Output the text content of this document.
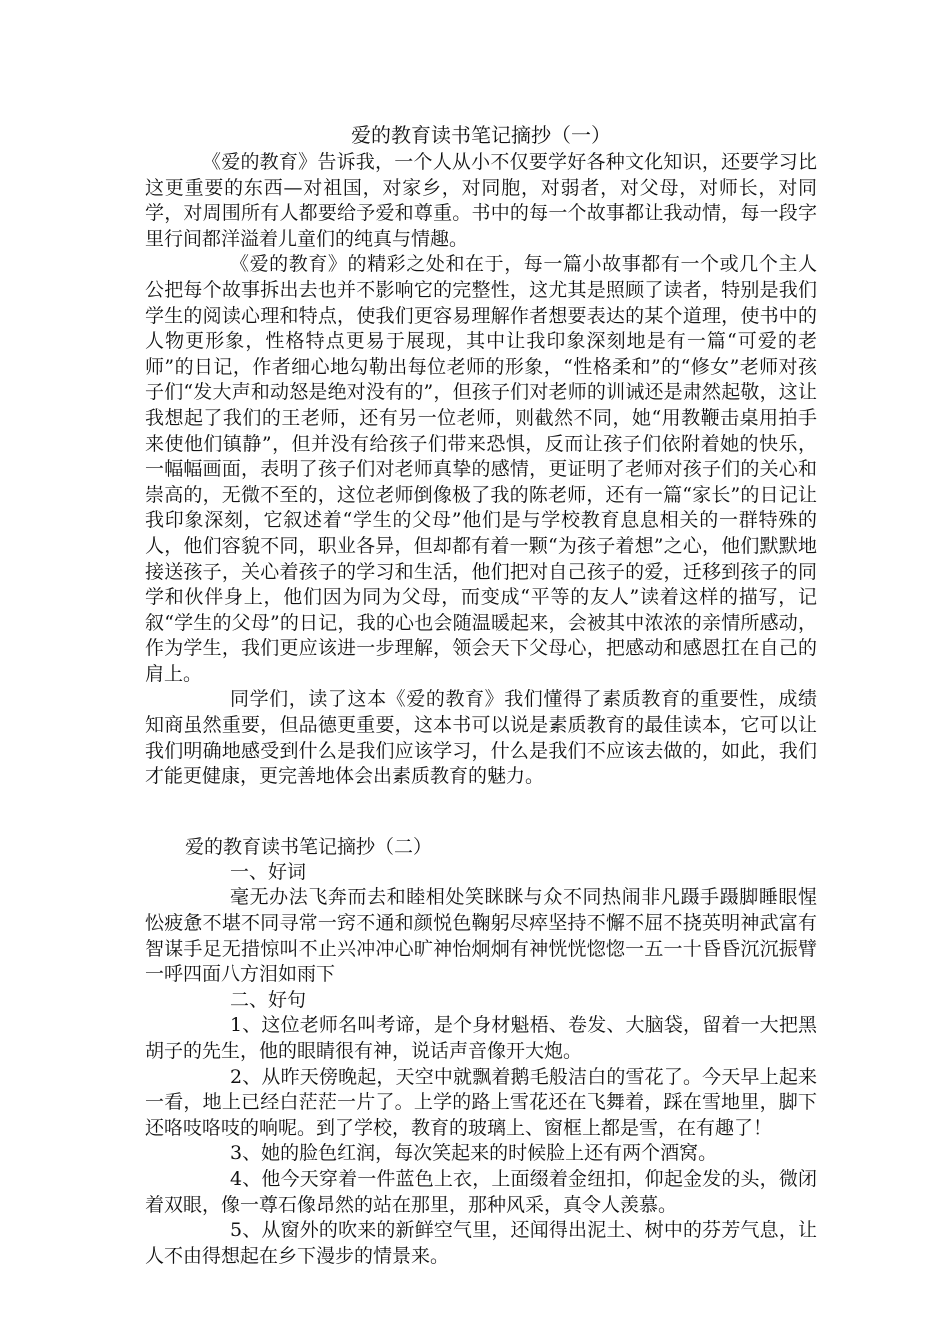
爱的教育读书笔记摘抄（一）

《爱的教育》告诉我，一个人从小不仅要学好各种文化知识，还要学习比这更重要的东西—对祖国，对家乡，对同胞，对弱者，对父母，对师长，对同学，对周围所有人都要给予爱和尊重。书中的每一个故事都让我动情，每一段字里行间都洋溢着儿童们的纯真与情趣。

《爱的教育》的精彩之处和在于，每一篇小故事都有一个或几个主人公把每个故事拆出去也并不影响它的完整性，这尤其是照顾了读者，特别是我们学生的阅读心理和特点，使我们更容易理解作者想要表达的某个道理，使书中的人物更形象，性格特点更易于展现，其中让我印象深刻地是有一篇“可爱的老师”的日记，作者细心地勾勒出每位老师的形象，“性格柔和”的“修女”老师对孩子们“发大声和动怒是绝对没有的”，但孩子们对老师的训诫还是肃然起敬，这让我想起了我们的王老师，还有另一位老师，则截然不同，她“用教鞭击桌用拍手来使他们镇静”，但并没有给孩子们带来恐惧，反而让孩子们依附着她的快乐，一幅幅画面，表明了孩子们对老师真挚的感情，更证明了老师对孩子们的关心和崇高的，无微不至的，这位老师倒像极了我的陈老师，还有一篇“家长”的日记让我印象深刻，它叙述着“学生的父母”他们是与学校教育息息相关的一群特殊的人，他们容貌不同，职业各异，但却都有着一颗“为孩子着想”之心，他们默默地接送孩子，关心着孩子的学习和生活，他们把对自己孩子的爱，迁移到孩子的同学和伙伴身上，他们因为同为父母，而变成“平等的友人”读着这样的描写，记叙“学生的父母”的日记，我的心也会随温暖起来，会被其中浓浓的亲情所感动，作为学生，我们更应该进一步理解，领会天下父母心，把感动和感恩扛在自己的肩上。

同学们，读了这本《爱的教育》我们懂得了素质教育的重要性，成绩知商虽然重要，但品德更重要，这本书可以说是素质教育的最佳读本，它可以让我们明确地感受到什么是我们应该学习，什么是我们不应该去做的，如此，我们才能更健康，更完善地体会出素质教育的魅力。

爱的教育读书笔记摘抄（二）

一、好词

毫无办法飞奔而去和睦相处笑眯眯与众不同热闹非凡蹑手蹑脚睡眼惺忪疲惫不堪不同寻常一窍不通和颜悦色鞠躬尽瘁坚持不懈不屈不挠英明神武富有智谋手足无措惊叫不止兴冲冲心旷神怡炯炯有神恍恍惚惚一五一十昏昏沉沉振臂一呼四面八方泪如雨下

二、好句

1、这位老师名叫考谛，是个身材魁梧、卷发、大脑袋，留着一大把黑胡子的先生，他的眼睛很有神，说话声音像开大炮。

2、从昨天傍晚起，天空中就飘着鹅毛般洁白的雪花了。今天早上起来一看，地上已经白茫茫一片了。上学的路上雪花还在飞舞着，踩在雪地里，脚下还咯吱咯吱的响呢。到了学校，教育的玻璃上、窗框上都是雪，在有趣了！

3、她的脸色红润，每次笑起来的时候脸上还有两个酒窝。

4、他今天穿着一件蓝色上衣，上面缀着金纽扣，仰起金发的头，微闭着双眼，像一尊石像昂然的站在那里，那种风采，真令人羡慕。

5、从窗外的吹来的新鲜空气里，还闻得出泥土、树中的芬芳气息，让人不由得想起在乡下漫步的情景来。
